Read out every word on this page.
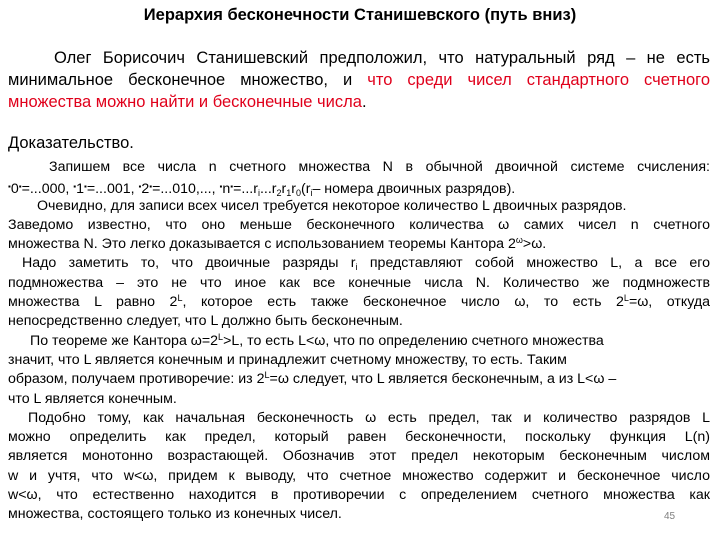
Иерархия бесконечности Станишевского (путь вниз)
Олег Борисочич Станишевский предположил, что натуральный ряд – не есть
минимальное бесконечное множество, и что среди чисел стандартного счетного
множества можно найти и бесконечные числа.
Доказательство.
Запишем все числа n счетного множества N в обычной двоичной системе счисления:
▪0▪=...000, ▪1▪=...001, ▪2▪=...010,..., $^▪n^▪=...r_i...r_2r_1r_0(r_i-$ номера двоичных разрядов).
Очевидно, для записи всех чисел требуется некоторое количество L двоичных разрядов.
Заведомо известно, что оно меньше бесконечного количества ω самих чисел n счетного
множества N. Это легко доказывается с использованием теоремы Кантора $2^\omega>\omega$.
Надо заметить то, что двоичные разряды $r_i$ представляют собой множество L, а все его
подмножества – это не что иное как все конечные числа N. Количество же подмножеств
множества L равно $2^L$, которое есть также бесконечное число ω, то есть $2^L=\omega$, откуда
непосредственно следует, что L должно быть бесконечным.
По теореме же Кантора $\omega=2^L>L$, то есть L<ω, что по определению счетного множества
значит, что L является конечным и принадлежит счетному множеству, то есть. Таким
образом, получаем противоречие: из $2^L=\omega$ следует, что L является бесконечным, а из L<ω –
что L является конечным.
Подобно тому, как начальная бесконечность ω есть предел, так и количество разрядов L
можно определить как предел, который равен бесконечности, поскольку функция L(n)
является монотонно возрастающей. Обозначив этот предел некоторым бесконечным числом
w и учтя, что w<ω, придем к выводу, что счетное множество содержит и бесконечное число
w<ω, что естественно находится в противоречии с определением счетного множества как
множества, состоящего только из конечных чисел.	45
